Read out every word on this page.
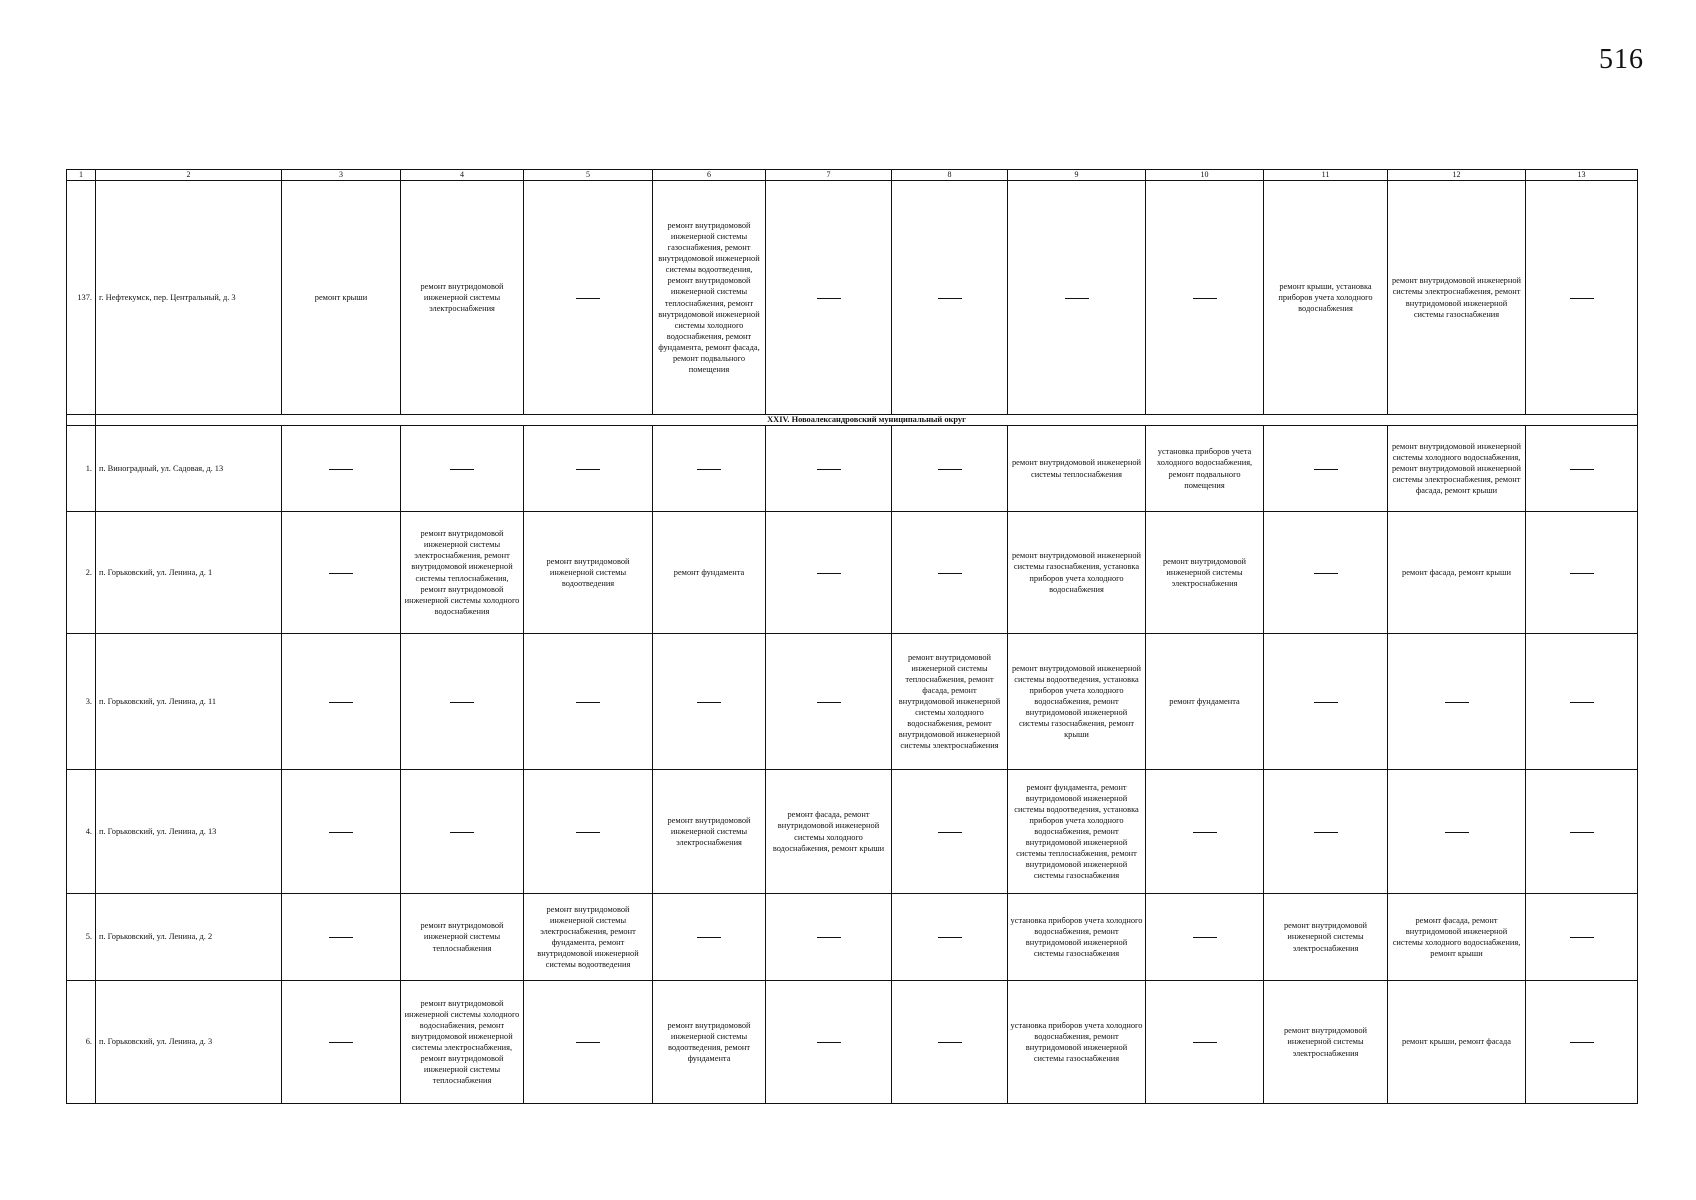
516
1	2	3	4	5	6	7	8	9	10	11	12	13
137.	г. Нефтекумск, пер. Центральный, д. 3	ремонт крыши	ремонт внутридомовой инженерной системы электроснабжения		ремонт внутридомовой инженерной системы газоснабжения, ремонт внутридомовой инженерной системы водоотведения, ремонт внутридомовой инженерной системы теплоснабжения, ремонт внутридомовой инженерной системы холодного водоснабжения, ремонт фундамента, ремонт фасада, ремонт подвального помещения					ремонт крыши, установка приборов учета холодного водоснабжения	ремонт внутридомовой инженерной системы электроснабжения, ремонт внутридомовой инженерной системы газоснабжения	
	XXIV. Новоалександровский муниципальный округ											
1.	п. Виноградный, ул. Садовая, д. 13							ремонт внутридомовой инженерной системы теплоснабжения	установка приборов учета холодного водоснабжения, ремонт подвального помещения		ремонт внутридомовой инженерной системы холодного водоснабжения, ремонт внутридомовой инженерной системы электроснабжения, ремонт фасада, ремонт крыши	
2.	п. Горьковский, ул. Ленина, д. 1		ремонт внутридомовой инженерной системы электроснабжения, ремонт внутридомовой инженерной системы теплоснабжения, ремонт внутридомовой инженерной системы холодного водоснабжения	ремонт внутридомовой инженерной системы водоотведения	ремонт фундамента			ремонт внутридомовой инженерной системы газоснабжения, установка приборов учета холодного водоснабжения	ремонт внутридомовой инженерной системы электроснабжения		ремонт фасада, ремонт крыши	
3.	п. Горьковский, ул. Ленина, д. 11						ремонт внутридомовой инженерной системы теплоснабжения, ремонт фасада, ремонт внутридомовой инженерной системы холодного водоснабжения, ремонт внутридомовой инженерной системы электроснабжения	ремонт внутридомовой инженерной системы водоотведения, установка приборов учета холодного водоснабжения, ремонт внутридомовой инженерной системы газоснабжения, ремонт крыши	ремонт фундамента			
4.	п. Горьковский, ул. Ленина, д. 13				ремонт внутридомовой инженерной системы электроснабжения	ремонт фасада, ремонт внутридомовой инженерной системы холодного водоснабжения, ремонт крыши		ремонт фундамента, ремонт внутридомовой инженерной системы водоотведения, установка приборов учета холодного водоснабжения, ремонт внутридомовой инженерной системы теплоснабжения, ремонт внутридомовой инженерной системы газоснабжения				
5.	п. Горьковский, ул. Ленина, д. 2		ремонт внутридомовой инженерной системы теплоснабжения	ремонт внутридомовой инженерной системы электроснабжения, ремонт фундамента, ремонт внутридомовой инженерной системы водоотведения				установка приборов учета холодного водоснабжения, ремонт внутридомовой инженерной системы газоснабжения		ремонт внутридомовой инженерной системы электроснабжения	ремонт фасада, ремонт внутридомовой инженерной системы холодного водоснабжения, ремонт крыши	
6.	п. Горьковский, ул. Ленина, д. 3		ремонт внутридомовой инженерной системы холодного водоснабжения, ремонт внутридомовой инженерной системы электроснабжения, ремонт внутридомовой инженерной системы теплоснабжения		ремонт внутридомовой инженерной системы водоотведения, ремонт фундамента			установка приборов учета холодного водоснабжения, ремонт внутридомовой инженерной системы газоснабжения		ремонт внутридомовой инженерной системы электроснабжения	ремонт крыши, ремонт фасада	
